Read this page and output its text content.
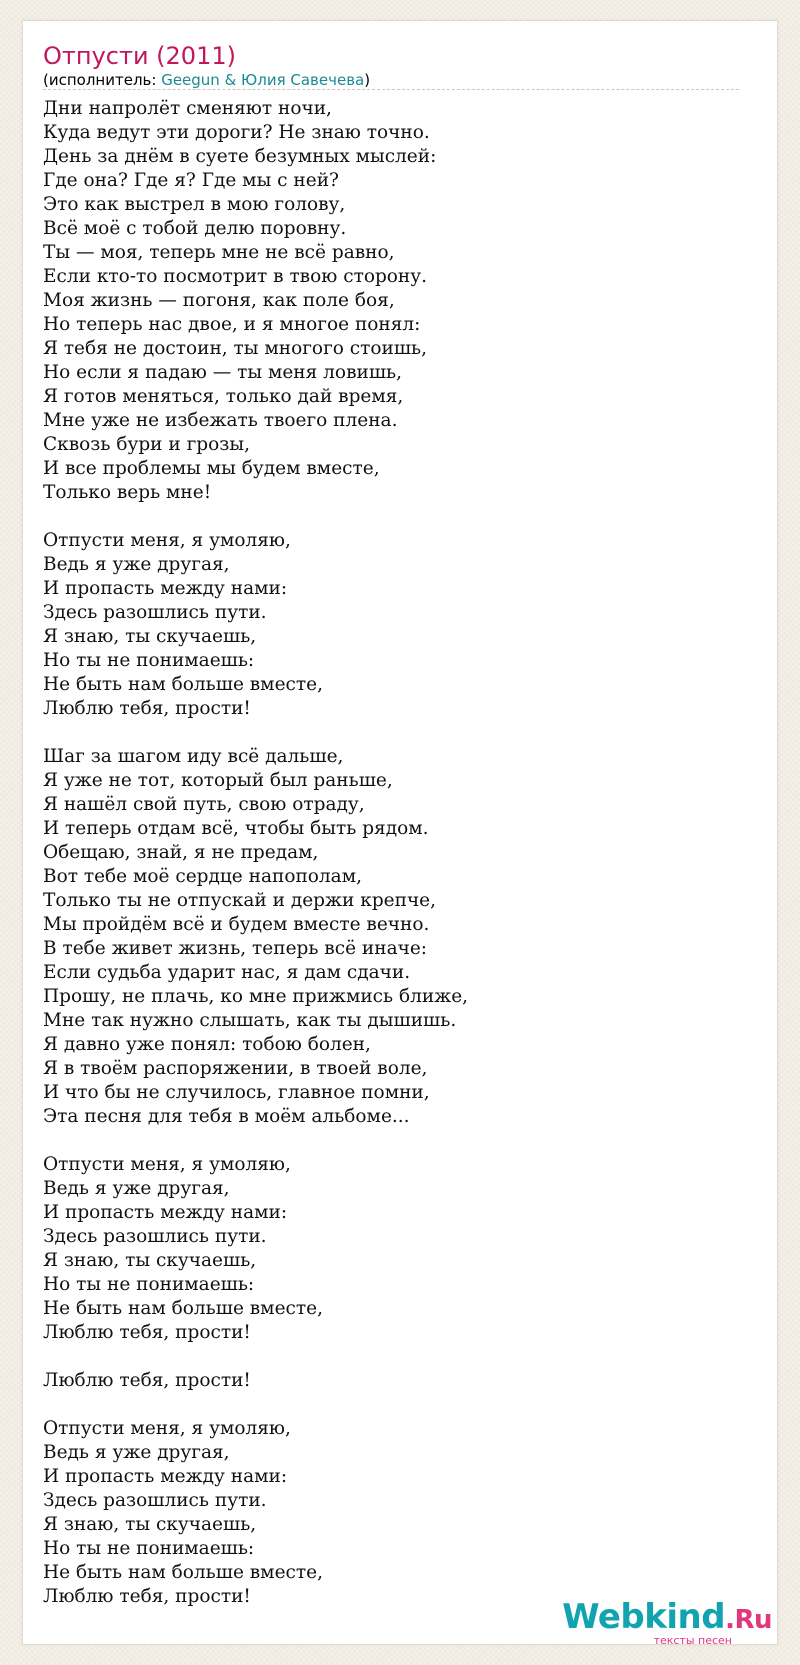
Отпусти (2011)
(исполнитель: Geegun & Юлия Савечева)
Дни напролёт сменяют ночи,
Куда ведут эти дороги? Не знаю точно.
День за днём в суете безумных мыслей:
Где она? Где я? Где мы с ней?
Это как выстрел в мою голову,
Всё моё с тобой делю поровну.
Ты — моя, теперь мне не всё равно,
Если кто-то посмотрит в твою сторону.
Моя жизнь — погоня, как поле боя,
Но теперь нас двое, и я многое понял:
Я тебя не достоин, ты многого стоишь,
Но если я падаю — ты меня ловишь,
Я готов меняться, только дай время,
Мне уже не избежать твоего плена.
Сквозь бури и грозы,
И все проблемы мы будем вместе,
Только верь мне!
Отпусти меня, я умоляю,
Ведь я уже другая,
И пропасть между нами:
Здесь разошлись пути.
Я знаю, ты скучаешь,
Но ты не понимаешь:
Не быть нам больше вместе,
Люблю тебя, прости!
Шаг за шагом иду всё дальше,
Я уже не тот, который был раньше,
Я нашёл свой путь, свою отраду,
И теперь отдам всё, чтобы быть рядом.
Обещаю, знай, я не предам,
Вот тебе моё сердце напополам,
Только ты не отпускай и держи крепче,
Мы пройдём всё и будем вместе вечно.
В тебе живет жизнь, теперь всё иначе:
Если судьба ударит нас, я дам сдачи.
Прошу, не плачь, ко мне прижмись ближе,
Мне так нужно слышать, как ты дышишь.
Я давно уже понял: тобою болен,
Я в твоём распоряжении, в твоей воле,
И что бы не случилось, главное помни,
Эта песня для тебя в моём альбоме...
Отпусти меня, я умоляю,
Ведь я уже другая,
И пропасть между нами:
Здесь разошлись пути.
Я знаю, ты скучаешь,
Но ты не понимаешь:
Не быть нам больше вместе,
Люблю тебя, прости!
Люблю тебя, прости!
Отпусти меня, я умоляю,
Ведь я уже другая,
И пропасть между нами:
Здесь разошлись пути.
Я знаю, ты скучаешь,
Но ты не понимаешь:
Не быть нам больше вместе,
Люблю тебя, прости!
Webkind.Ru
тексты песен
